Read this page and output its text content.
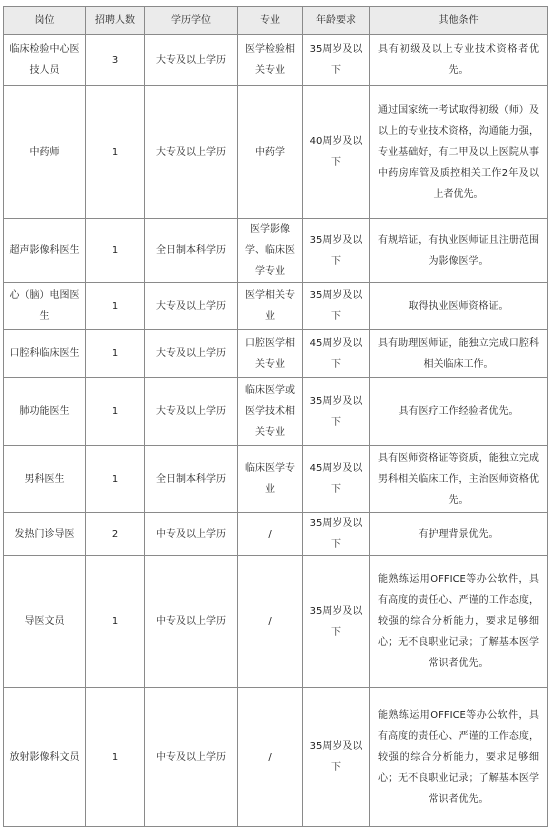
岗位	招聘人数	学历学位	专业	年龄要求	其他条件
临床检验中心医技人员	3	大专及以上学历	医学检验相关专业	35周岁及以下	具有初级及以上专业技术资格者优先。
中药师	1	大专及以上学历	中药学	40周岁及以下	通过国家统一考试取得初级（师）及以上的专业技术资格，沟通能力强，专业基础好，有二甲及以上医院从事中药房库管及质控相关工作2年及以上者优先。
超声影像科医生	1	全日制本科学历	医学影像学、临床医学专业	35周岁及以下	有规培证，有执业医师证且注册范围为影像医学。
心（脑）电图医生	1	大专及以上学历	医学相关专业	35周岁及以下	取得执业医师资格证。
口腔科临床医生	1	大专及以上学历	口腔医学相关专业	45周岁及以下	具有助理医师证，能独立完成口腔科相关临床工作。
肺功能医生	1	大专及以上学历	临床医学或医学技术相关专业	35周岁及以下	具有医疗工作经验者优先。
男科医生	1	全日制本科学历	临床医学专业	45周岁及以下	具有医师资格证等资质，能独立完成男科相关临床工作，主治医师资格优先。
发热门诊导医	2	中专及以上学历	/	35周岁及以下	有护理背景优先。
导医文员	1	中专及以上学历	/	35周岁及以下	能熟练运用OFFICE等办公软件，具有高度的责任心、严谨的工作态度，较强的综合分析能力，要求足够细心；无不良职业记录；了解基本医学常识者优先。
放射影像科文员	1	中专及以上学历	/	35周岁及以下	能熟练运用OFFICE等办公软件，具有高度的责任心、严谨的工作态度，较强的综合分析能力，要求足够细心；无不良职业记录；了解基本医学常识者优先。
